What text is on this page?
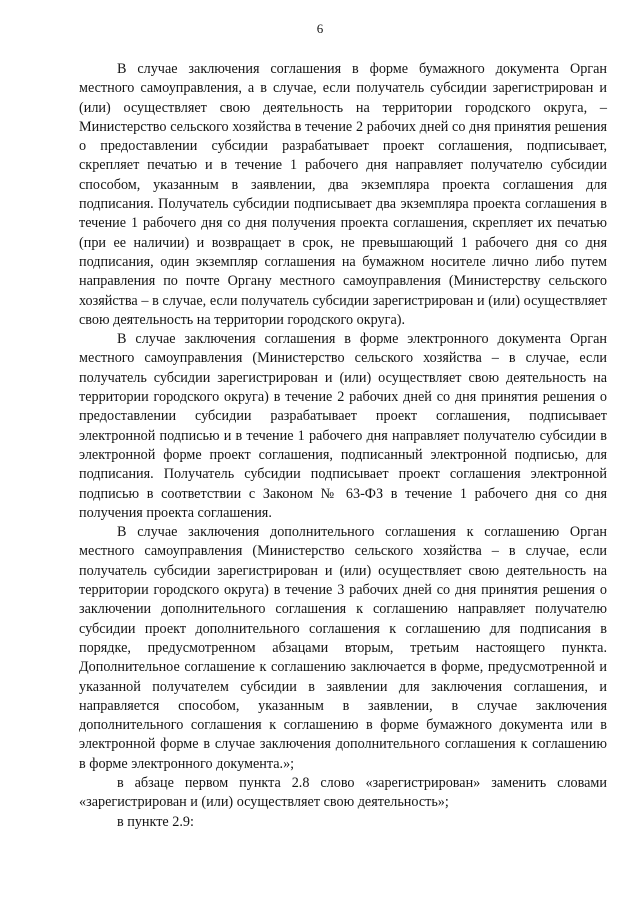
6

В случае заключения соглашения в форме бумажного документа Орган местного самоуправления, а в случае, если получатель субсидии зарегистрирован и (или) осуществляет свою деятельность на территории городского округа, – Министерство сельского хозяйства в течение 2 рабочих дней со дня принятия решения о предоставлении субсидии разрабатывает проект соглашения, подписывает, скрепляет печатью и в течение 1 рабочего дня направляет получателю субсидии способом, указанным в заявлении, два экземпляра проекта соглашения для подписания. Получатель субсидии подписывает два экземпляра проекта соглашения в течение 1 рабочего дня со дня получения проекта соглашения, скрепляет их печатью (при ее наличии) и возвращает в срок, не превышающий 1 рабочего дня со дня подписания, один экземпляр соглашения на бумажном носителе лично либо путем направления по почте Органу местного самоуправления (Министерству сельского хозяйства – в случае, если получатель субсидии зарегистрирован и (или) осуществляет свою деятельность на территории городского округа).

В случае заключения соглашения в форме электронного документа Орган местного самоуправления (Министерство сельского хозяйства – в случае, если получатель субсидии зарегистрирован и (или) осуществляет свою деятельность на территории городского округа) в течение 2 рабочих дней со дня принятия решения о предоставлении субсидии разрабатывает проект соглашения, подписывает электронной подписью и в течение 1 рабочего дня направляет получателю субсидии в электронной форме проект соглашения, подписанный электронной подписью, для подписания. Получатель субсидии подписывает проект соглашения электронной подписью в соответствии с Законом № 63-ФЗ в течение 1 рабочего дня со дня получения проекта соглашения.

В случае заключения дополнительного соглашения к соглашению Орган местного самоуправления (Министерство сельского хозяйства – в случае, если получатель субсидии зарегистрирован и (или) осуществляет свою деятельность на территории городского округа) в течение 3 рабочих дней со дня принятия решения о заключении дополнительного соглашения к соглашению направляет получателю субсидии проект дополнительного соглашения к соглашению для подписания в порядке, предусмотренном абзацами вторым, третьим настоящего пункта. Дополнительное соглашение к соглашению заключается в форме, предусмотренной и указанной получателем субсидии в заявлении для заключения соглашения, и направляется способом, указанным в заявлении, в случае заключения дополнительного соглашения к соглашению в форме бумажного документа или в электронной форме в случае заключения дополнительного соглашения к соглашению в форме электронного документа.»;

в абзаце первом пункта 2.8 слово «зарегистрирован» заменить словами «зарегистрирован и (или) осуществляет свою деятельность»;

в пункте 2.9:
